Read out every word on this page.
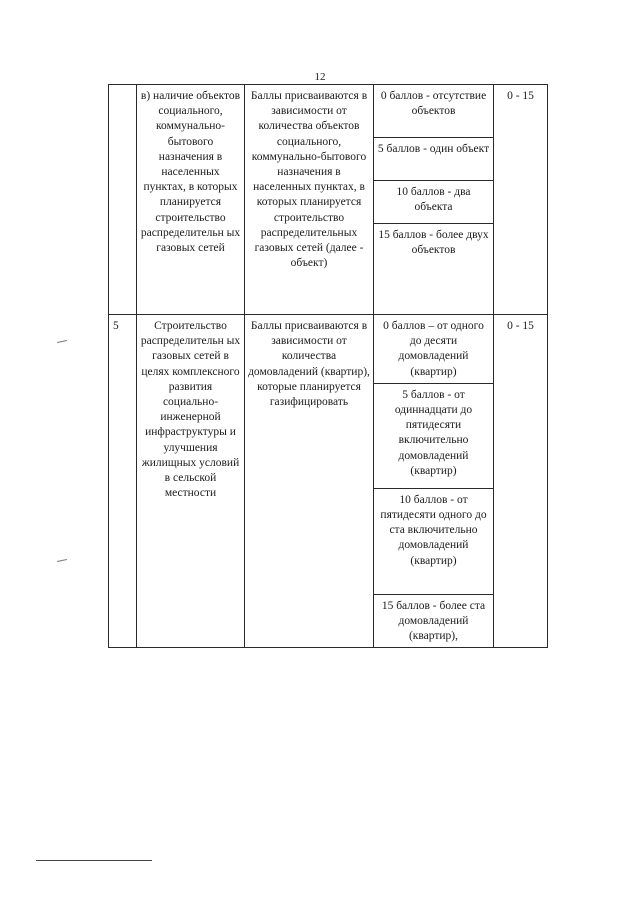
12
	в) наличие объектов социального, коммунально-бытового назначения в населенных пунктах, в которых планируется строительство распределительн ых газовых сетей	Баллы присваиваются в зависимости от количества объектов социального, коммунально-бытового назначения в населенных пунктах, в которых планируется строительство распределительных газовых сетей (далее - объект)	0 баллов - отсутствие объектов	0 - 15
			5 баллов - один объект	
			10 баллов - два объекта	
			15 баллов - более двух объектов	
5	Строительство распределительн ых газовых сетей в целях комплексного развития социально-инженерной инфраструктуры и улучшения жилищных условий в сельской местности	Баллы присваиваются в зависимости от количества домовладений (квартир), которые планируется газифицировать	0 баллов – от одного до десяти домовладений (квартир)	0 - 15
			5 баллов - от одиннадцати до пятидесяти включительно домовладений (квартир)	
			10 баллов - от пятидесяти одного до ста включительно домовладений (квартир)	
			15 баллов - более ста домовладений (квартир),	
